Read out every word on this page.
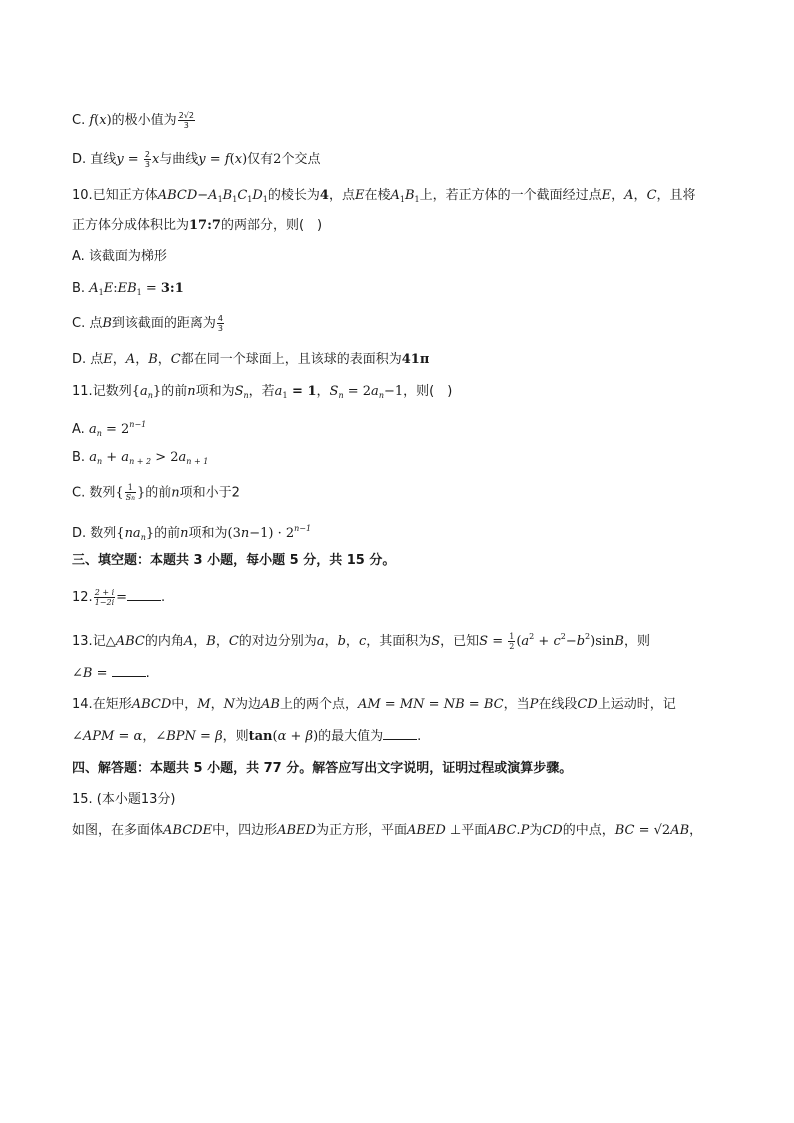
C. f(x)的极小值为 $\frac{2√2}{3}$
D. 直线$y = \frac{2}{3}$ x与曲线y = f(x)仅有2个交点
10.已知正方体$ABCD-A_1B_1C_1D_1$的棱长为4，点E在棱$A_1B_1$上，若正方体的一个截面经过点E，A，C，且将
正方体分成体积比为17:7的两部分，则(　)
A. 该截面为梯形
B. $A_1E:EB_1$ = 3:1
C. 点B到该截面的距离为 $\frac{4}{3}$
D. 点E，A，B，C都在同一个球面上，且该球的表面积为41π
11.记数列$\{a_n\}$的前n项和为$S_n$，若$a_1 = 1$，$S_n = 2a_n-1$，则(　)
A. $a_n = 2^{n-1}$
B. $a_n + a_{n + 2} > 2a_{n + 1}$
C. 数列{ $\frac{1}{Sn}$ }的前n项和小于2
D. 数列$\{na_n\}$的前n项和为$(3n-1) \cdot 2^{n-1}$
三、填空题：本题共 3 小题，每小题 5 分，共 15 分。
12. $\frac{2 + i}{1-2i}$ =	.
13.记△ABC的内角A，B，C的对边分别为a，b，c，其面积为S，已知$S = \frac{1}{2} (a^2 + c^2-b^2)\sin B$，则
∠B =	.
14.在矩形ABCD中，M，N为边AB上的两个点，AM = MN = NB = BC，当P在线段CD上运动时，记
∠APM = α，∠BPN = β，则tan(α + β)的最大值为	.
四、解答题：本题共 5 小题，共 77 分。解答应写出文字说明，证明过程或演算步骤。
15. (本小题13分)
如图，在多面体ABCDE中，四边形ABED为正方形，平面ABED ⊥平面ABC.P为CD的中点，BC = √2AB，
